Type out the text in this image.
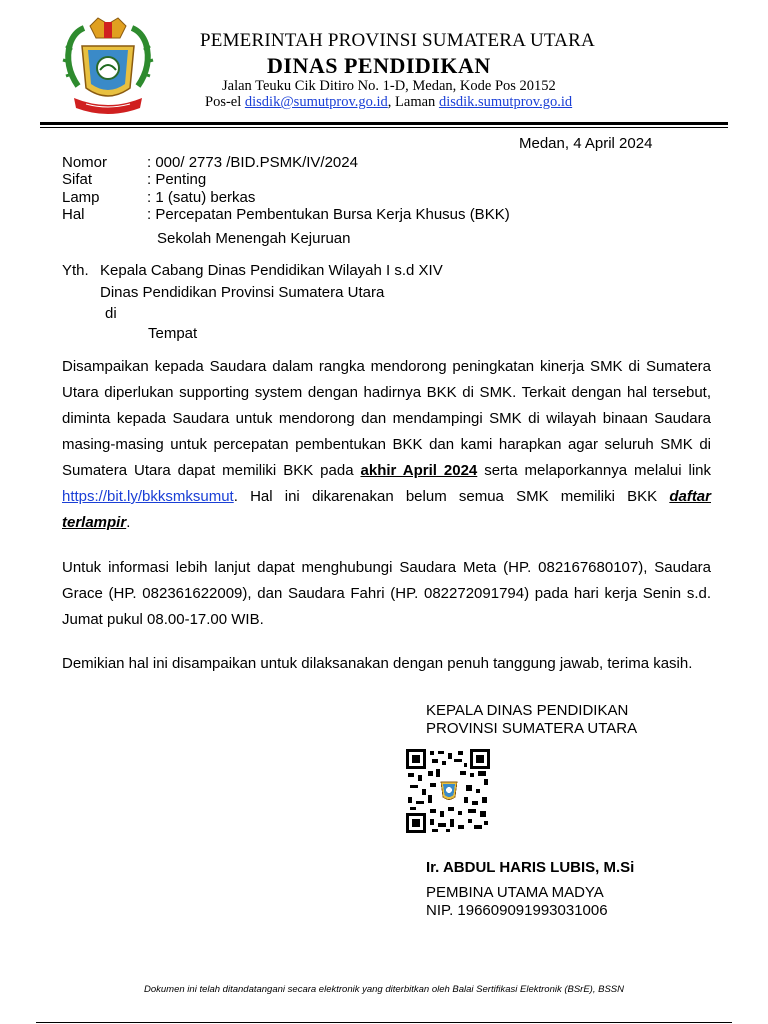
PEMERINTAH PROVINSI SUMATERA UTARA
DINAS PENDIDIKAN
Jalan Teuku Cik Ditiro No. 1-D, Medan, Kode Pos 20152
Pos-el disdik@sumutprov.go.id, Laman disdik.sumutprov.go.id
Medan, 4 April 2024
Nomor	: 000/ 2773 /BID.PSMK/IV/2024
Sifat	: Penting
Lamp	: 1 (satu) berkas
Hal	: Percepatan Pembentukan Bursa Kerja Khusus (BKK)
Sekolah Menengah Kejuruan
Yth. Kepala Cabang Dinas Pendidikan Wilayah I s.d XIV
Dinas Pendidikan Provinsi Sumatera Utara
di
Tempat
Disampaikan kepada Saudara dalam rangka mendorong peningkatan kinerja SMK di Sumatera Utara diperlukan supporting system dengan hadirnya BKK di SMK. Terkait dengan hal tersebut, diminta kepada Saudara untuk mendorong dan mendampingi SMK di wilayah binaan Saudara masing-masing untuk percepatan pembentukan BKK dan kami harapkan agar seluruh SMK di Sumatera Utara dapat memiliki BKK pada akhir April 2024 serta melaporkannya melalui link https://bit.ly/bkksmksumut. Hal ini dikarenakan belum semua SMK memiliki BKK daftar terlampir.
Untuk informasi lebih lanjut dapat menghubungi Saudara Meta (HP. 082167680107), Saudara Grace (HP. 082361622009), dan Saudara Fahri (HP. 082272091794) pada hari kerja Senin s.d. Jumat pukul 08.00-17.00 WIB.
Demikian hal ini disampaikan untuk dilaksanakan dengan penuh tanggung jawab, terima kasih.
KEPALA DINAS PENDIDIKAN
PROVINSI SUMATERA UTARA
Ir. ABDUL HARIS LUBIS, M.Si
PEMBINA UTAMA MADYA
NIP. 196609091993031006
Dokumen ini telah ditandatangani secara elektronik yang diterbitkan oleh Balai Sertifikasi Elektronik (BSrE), BSSN
